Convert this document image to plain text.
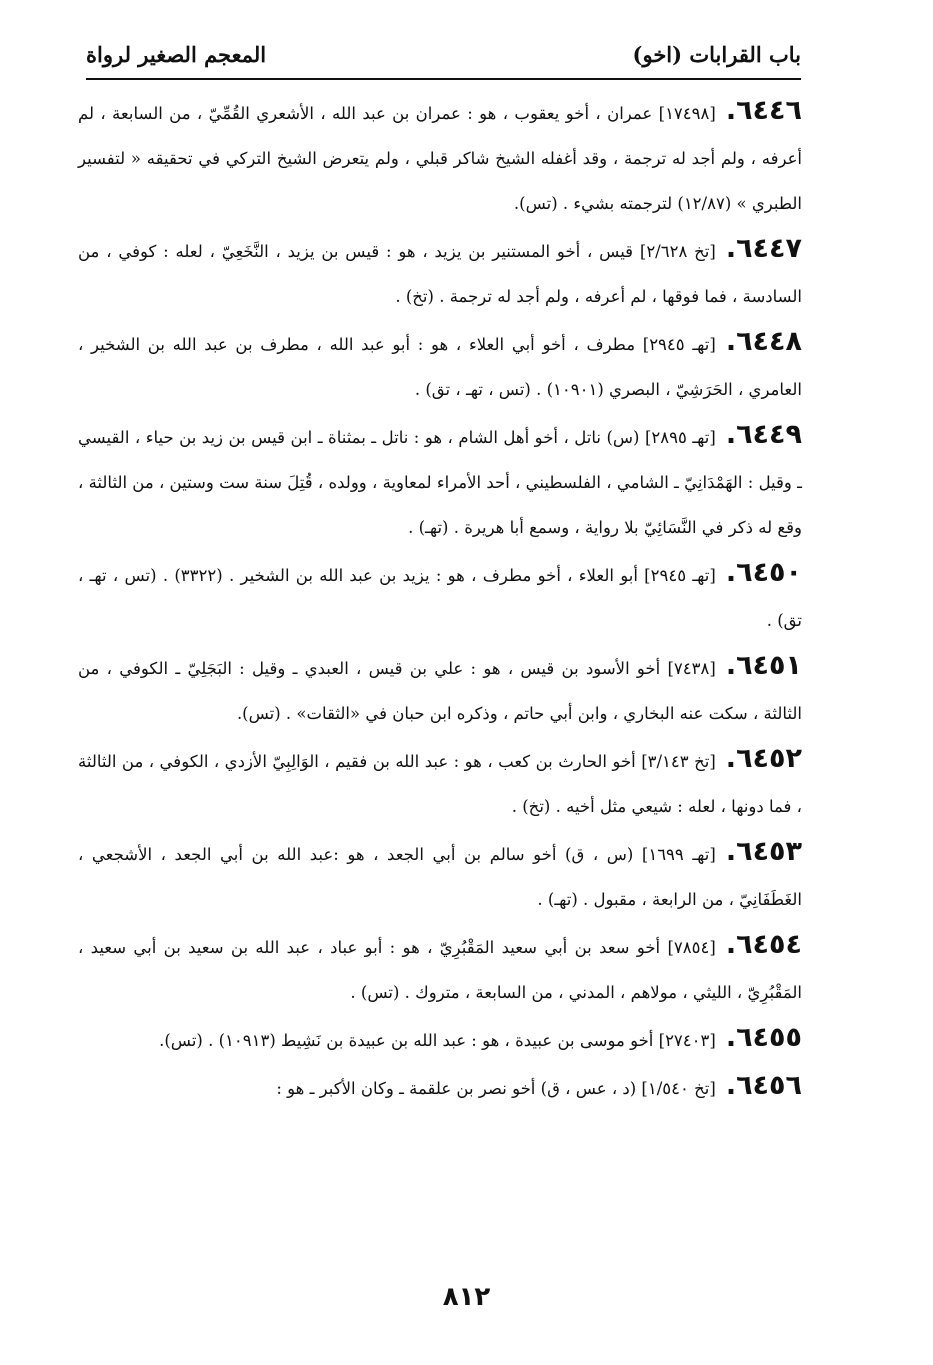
باب القرابات (اخو)
المعجم الصغير لرواة

٦٤٤٦.[١٧٤٩٨] عمران ، أخو يعقوب ، هو : عمران بن عبد الله ، الأشعري القُمِّيّ ، من السابعة ، لم أعرفه ، ولم أجد له ترجمة ، وقد أغفله الشيخ شاكر قبلي ، ولم يتعرض الشيخ التركي في تحقيقه « لتفسير الطبري » (١٢/٨٧) لترجمته بشيء . (تس).

٦٤٤٧.[تخ ٢/٦٢٨] قيس ، أخو المستنير بن يزيد ، هو : قيس بن يزيد ، النَّخَعِيّ ، لعله : كوفي ، من السادسة ، فما فوقها ، لم أعرفه ، ولم أجد له ترجمة . (تخ) .

٦٤٤٨.[تهـ ٢٩٤٥] مطرف ، أخو أبي العلاء ، هو : أبو عبد الله ، مطرف بن عبد الله بن الشخير ، العامري ، الحَرَشِيّ ، البصري (١٠٩٠١) . (تس ، تهـ ، تق) .

٦٤٤٩.[تهـ ٢٨٩٥] (س) ناتل ، أخو أهل الشام ، هو : ناتل ـ بمثناة ـ ابن قيس بن زيد بن حياء ، القيسي ـ وقيل : الهَمْدَانِيّ ـ الشامي ، الفلسطيني ، أحد الأمراء لمعاوية ، وولده ، قُتِلَ سنة ست وستين ، من الثالثة ، وقع له ذكر في النَّسَائِيّ بلا رواية ، وسمع أبا هريرة . (تهـ) .

٦٤٥٠.[تهـ ٢٩٤٥] أبو العلاء ، أخو مطرف ، هو : يزيد بن عبد الله بن الشخير . (٣٣٢٢) . (تس ، تهـ ، تق) .

٦٤٥١.[٧٤٣٨] أخو الأسود بن قيس ، هو : علي بن قيس ، العبدي ـ وقيل : البَجَلِيّ ـ الكوفي ، من الثالثة ، سكت عنه البخاري ، وابن أبي حاتم ، وذكره ابن حبان في «الثقات» . (تس).

٦٤٥٢.[تخ ٣/١٤٣] أخو الحارث بن كعب ، هو : عبد الله بن فقيم ، الوَالِبِيّ الأزدي ، الكوفي ، من الثالثة ، فما دونها ، لعله : شيعي مثل أخيه . (تخ) .

٦٤٥٣.[تهـ ١٦٩٩] (س ، ق) أخو سالم بن أبي الجعد ، هو :عبد الله بن أبي الجعد ، الأشجعي ، الغَطَفَانِيّ ، من الرابعة ، مقبول . (تهـ) .

٦٤٥٤.[٧٨٥٤] أخو سعد بن أبي سعيد المَقْبُرِيّ ، هو : أبو عباد ، عبد الله بن سعيد بن أبي سعيد ، المَقْبُرِيّ ، الليثي ، مولاهم ، المدني ، من السابعة ، متروك . (تس) .

٦٤٥٥.[٢٧٤٠٣] أخو موسى بن عبيدة ، هو : عبد الله بن عبيدة بن نَشِيط (١٠٩١٣) . (تس).

٦٤٥٦.[تخ ١/٥٤٠] (د ، عس ، ق) أخو نصر بن علقمة ـ وكان الأكبر ـ هو :

٨١٢
